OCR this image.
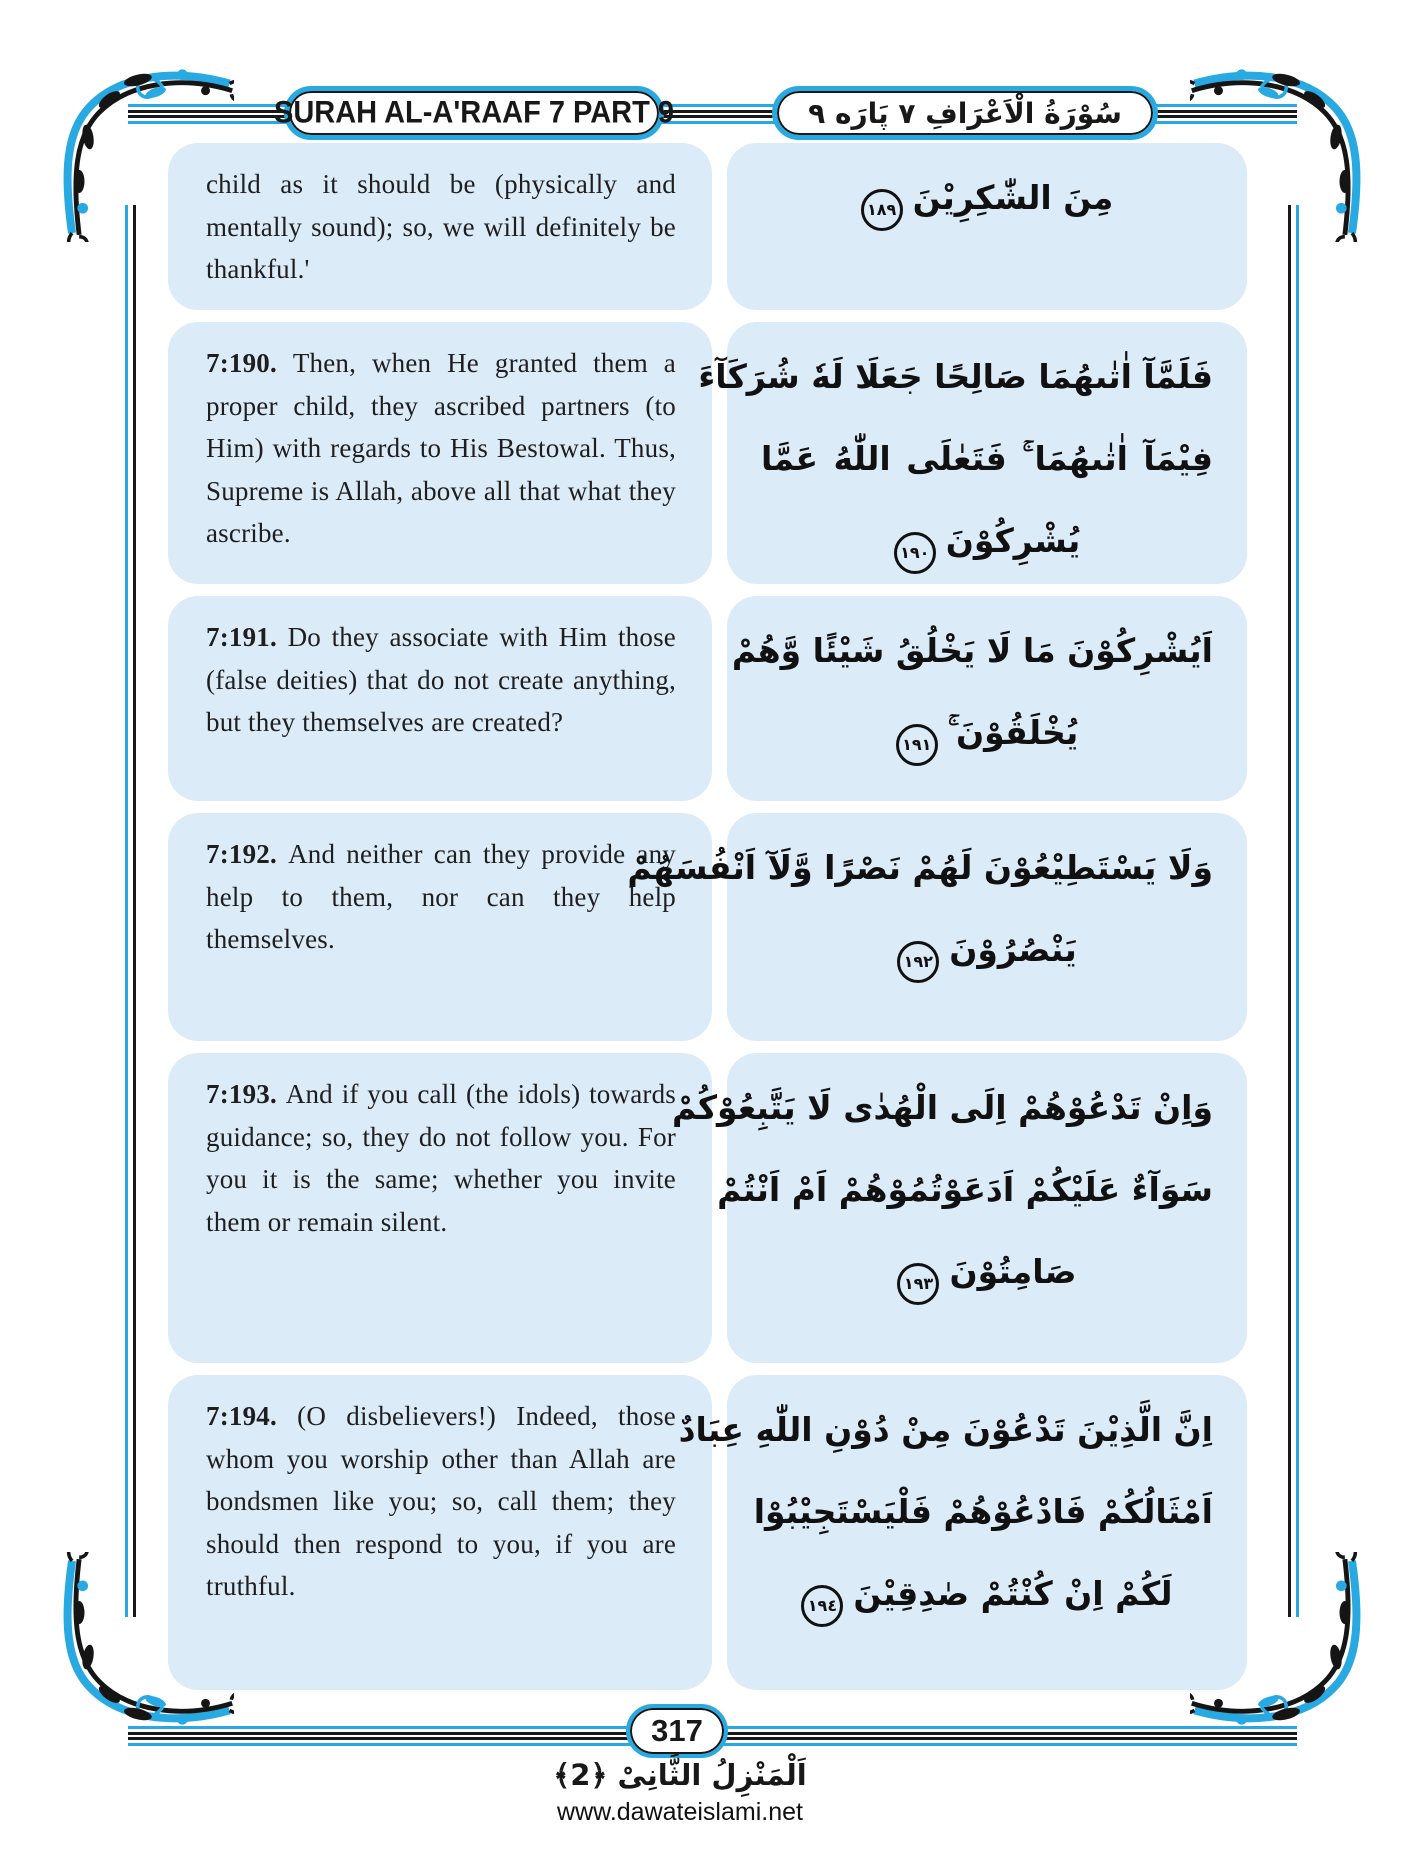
SURAH AL-A'RAAF 7 PART 9	سُوْرَةُ الْاَعْرَافِ ٧ پَارَه ٩
child as it should be (physically and mentally sound); so, we will definitely be thankful.'
مِنَ الشّٰكِرِيْنَ١٨٩
7:190. Then, when He granted them a proper child, they ascribed partners (to Him) with regards to His Bestowal. Thus, Supreme is Allah, above all that what they ascribe.
فَلَمَّآ اٰتٰىهُمَا صَالِحًا جَعَلَا لَهٗ شُرَكَآءَ
فِيْمَآ اٰتٰىهُمَا ۚ فَتَعٰلَى اللّٰهُ عَمَّا
يُشْرِكُوْنَ١٩٠
7:191. Do they associate with Him those (false deities) that do not create anything, but they themselves are created?
اَيُشْرِكُوْنَ مَا لَا يَخْلُقُ شَيْئًا وَّهُمْ
يُخْلَقُوْنَ ۚ١٩١
7:192. And neither can they provide any help to them, nor can they help themselves.
وَلَا يَسْتَطِيْعُوْنَ لَهُمْ نَصْرًا وَّلَآ اَنْفُسَهُمْ
يَنْصُرُوْنَ١٩٢
7:193. And if you call (the idols) towards guidance; so, they do not follow you. For you it is the same; whether you invite them or remain silent.
وَاِنْ تَدْعُوْهُمْ اِلَى الْهُدٰى لَا يَتَّبِعُوْكُمْ
سَوَآءٌ عَلَيْكُمْ اَدَعَوْتُمُوْهُمْ اَمْ اَنْتُمْ
صَامِتُوْنَ١٩٣
7:194. (O disbelievers!) Indeed, those whom you worship other than Allah are bondsmen like you; so, call them; they should then respond to you, if you are truthful.
اِنَّ الَّذِيْنَ تَدْعُوْنَ مِنْ دُوْنِ اللّٰهِ عِبَادٌ
اَمْثَالُكُمْ فَادْعُوْهُمْ فَلْيَسْتَجِيْبُوْا
لَكُمْ اِنْ كُنْتُمْ صٰدِقِيْنَ١٩٤
317
اَلْمَنْزِلُ الثَّانِىْ ﴿2﴾
www.dawateislami.net
